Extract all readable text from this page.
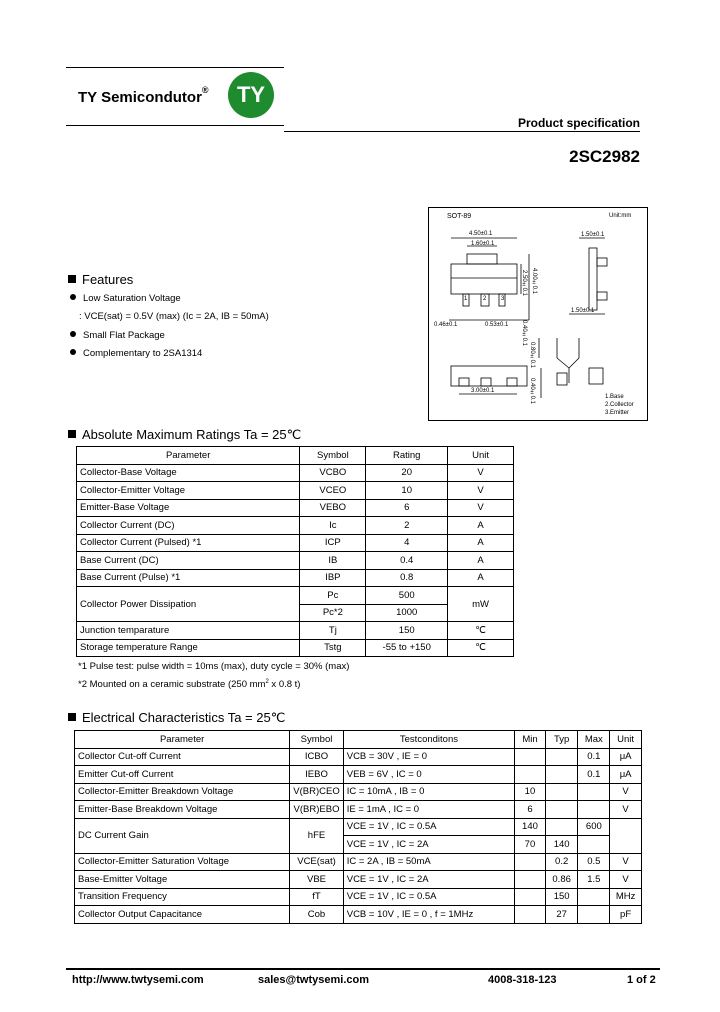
TY Semicondutor® TY
Product specification
2SC2982
SOT-89	Unit:mm
4.50±0.1
1.60±0.1
2.50±0.1 4.00±0.1
0.46±0.1	0.53±0.1
1.50±0.1
0.40±0.1
3.00±0.1
1.50±0.1
0.80±0.1
0.40±0.1
1	2 3
1.Base
2.Collector
3.Emitter
Features
Low Saturation Voltage
: VCE(sat) = 0.5V (max) (Ic = 2A, IB = 50mA)
Small Flat Package
Complementary to 2SA1314
Absolute Maximum Ratings Ta = 25℃
Parameter	Symbol	Rating	Unit
Collector-Base Voltage	VCBO	20	V
Collector-Emitter Voltage	VCEO	10	V
Emitter-Base Voltage	VEBO	6	V
Collector Current (DC)	Ic	2	A
Collector Current (Pulsed) *1	ICP	4	A
Base Current (DC)	IB	0.4	A
Base Current (Pulse) *1	IBP	0.8	A
Collector Power Dissipation	Pc	500	mW
	Pc*2	1000	
Junction temparature	Tj	150	℃
Storage temperature Range	Tstg	-55 to +150	℃
*1 Pulse test: pulse width = 10ms (max), duty cycle = 30% (max)
*2 Mounted on a ceramic substrate (250 $mm^2$ x 0.8 t)
Electrical Characteristics Ta = 25℃
Parameter	Symbol	Testconditons	Min	Typ	Max	Unit
Collector Cut-off Current	ICBO	VCB = 30V , IE = 0			0.1	μA
Emitter Cut-off Current	IEBO	VEB = 6V , IC = 0			0.1	μA
Collector-Emitter Breakdown Voltage	V(BR)CEO	IC = 10mA , IB = 0	10			V
Emitter-Base Breakdown Voltage	V(BR)EBO	IE = 1mA , IC = 0	6			V
DC Current Gain	hFE	VCE = 1V , IC = 0.5A	140		600	
		VCE = 1V , IC = 2A	70	140		
Collector-Emitter Saturation Voltage	VCE(sat)	IC = 2A , IB = 50mA		0.2	0.5	V
Base-Emitter Voltage	VBE	VCE = 1V , IC = 2A		0.86	1.5	V
Transition Frequency	fT	VCE = 1V , IC = 0.5A		150		MHz
Collector Output Capacitance	Cob	VCB = 10V , IE = 0 , f = 1MHz		27		pF
http://www.twtysemi.com	sales@twtysemi.com	4008-318-123	1 of 2
